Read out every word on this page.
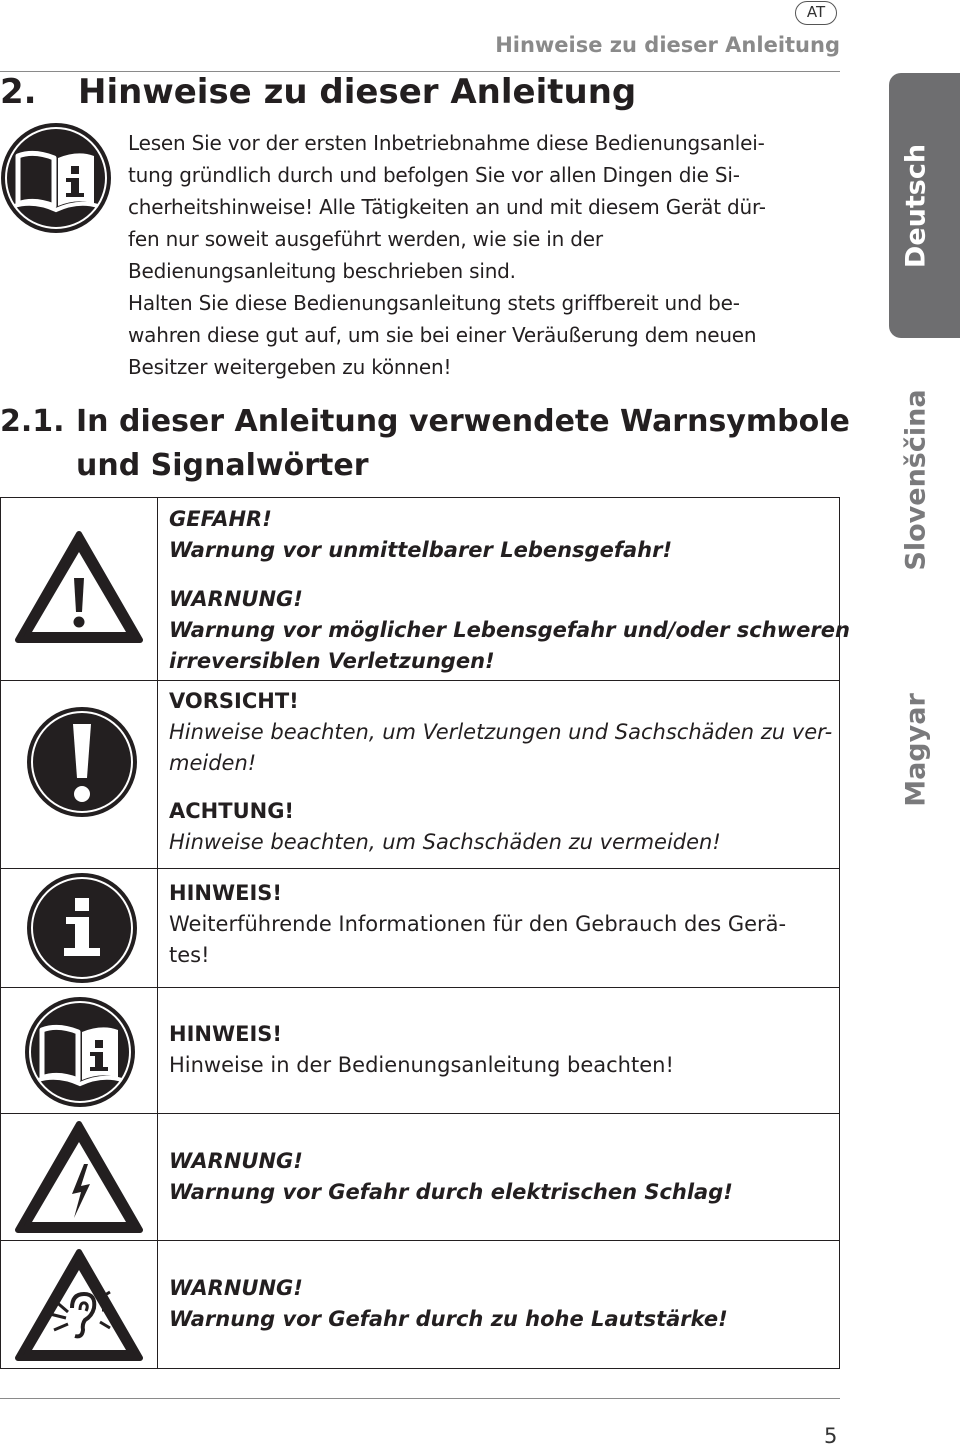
AT
Hinweise zu dieser Anleitung
2. Hinweise zu dieser Anleitung
Lesen Sie vor der ersten Inbetriebnahme diese Bedienungsanlei-
tung gründlich durch und befolgen Sie vor allen Dingen die Si-
cherheitshinweise! Alle Tätigkeiten an und mit diesem Gerät dür-
fen nur soweit ausgeführt werden, wie sie in der
Bedienungsanleitung beschrieben sind.
Halten Sie diese Bedienungsanleitung stets griffbereit und be-
wahren diese gut auf, um sie bei einer Veräußerung dem neuen
Besitzer weitergeben zu können!
2.1. In dieser Anleitung verwendete Warnsymbole
und Signalwörter
GEFAHR!
Warnung vor unmittelbarer Lebensgefahr!
WARNUNG!
Warnung vor möglicher Lebensgefahr und/oder schweren
irreversiblen Verletzungen!
VORSICHT!
Hinweise beachten, um Verletzungen und Sachschäden zu ver-
meiden!
ACHTUNG!
Hinweise beachten, um Sachschäden zu vermeiden!
HINWEIS!
Weiterführende Informationen für den Gebrauch des Gerä-
tes!
HINWEIS!
Hinweise in der Bedienungsanleitung beachten!
WARNUNG!
Warnung vor Gefahr durch elektrischen Schlag!
WARNUNG!
Warnung vor Gefahr durch zu hohe Lautstärke!
Deutsch
Slovenščina
Magyar
5
